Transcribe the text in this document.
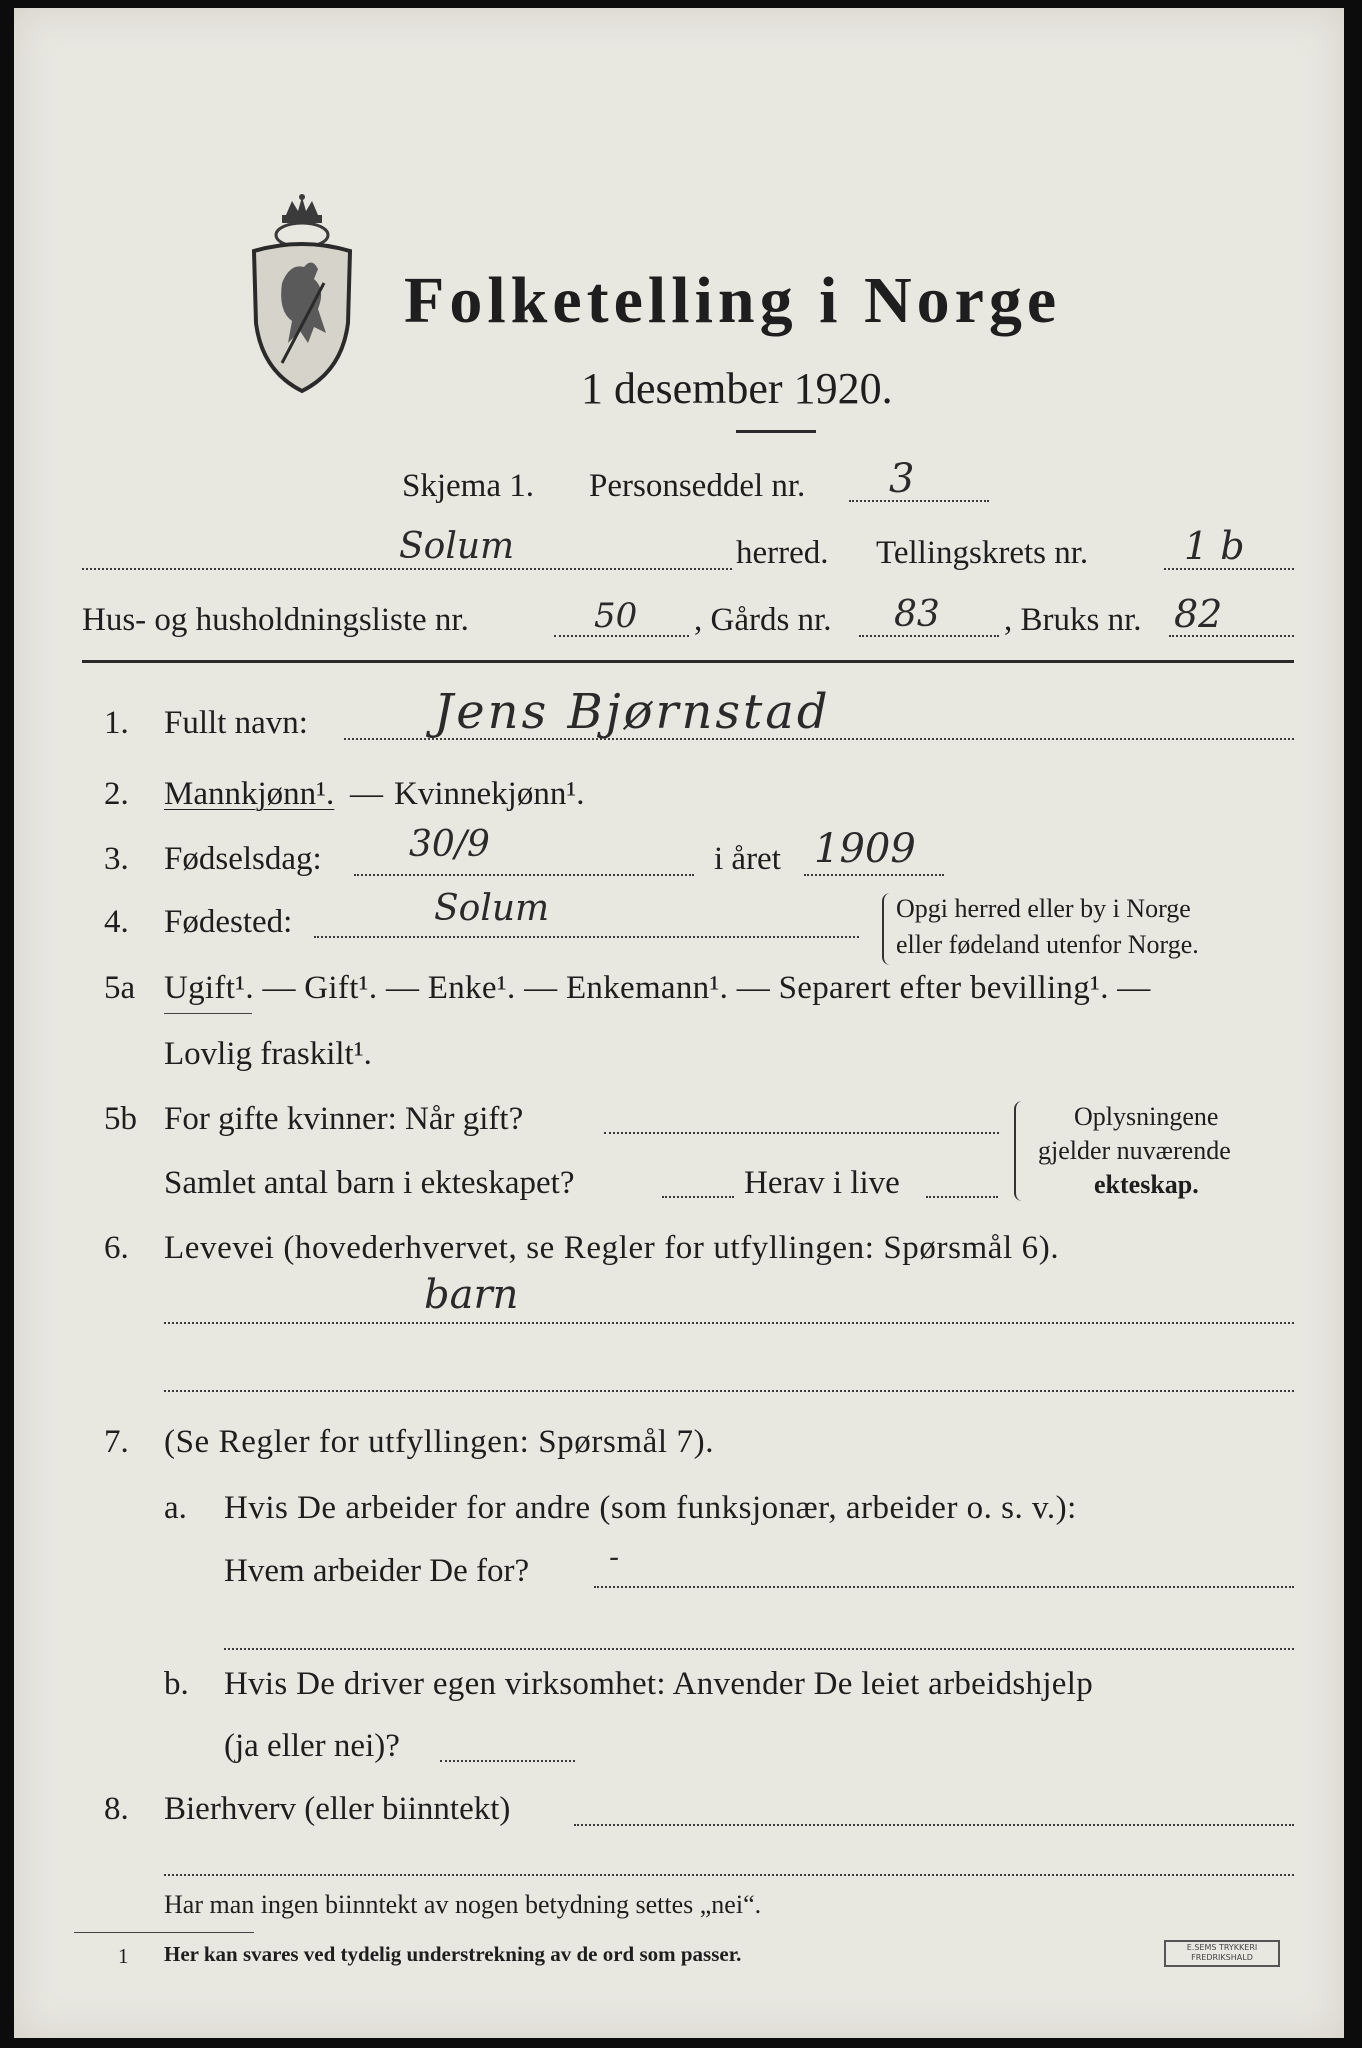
Folketelling i Norge
1 desember 1920.
Skjema 1. Personseddel nr. 3
Solum	herred. Tellingskrets nr.	1 b
Hus- og husholdningsliste nr.	50 , Gårds nr. 83 , Bruks nr. 82
1. Fullt navn:	Jens Bjørnstad
2. Mannkjønn¹. — Kvinnekjønn¹.
3. Fødselsdag: 30/9	i året 1909
4. Fødested:	Solum	Opgi herred eller by i Norge
eller fødeland utenfor Norge.
5a Ugift¹. — Gift¹. — Enke¹. — Enkemann¹. — Separert efter bevilling¹. —
Lovlig fraskilt¹.
5b For gifte kvinner: Når gift?
Samlet antal barn i ekteskapet?	Herav i live
Oplysningene
gjelder nuværende
ekteskap.
6. Levevei (hovederhvervet, se Regler for utfyllingen: Spørsmål 6).
barn
7. (Se Regler for utfyllingen: Spørsmål 7).
a. Hvis De arbeider for andre (som funksjonær, arbeider o. s. v.):
Hvem arbeider De for?	-
b. Hvis De driver egen virksomhet: Anvender De leiet arbeidshjelp
(ja eller nei)?
8. Bierhverv (eller biinntekt)
Har man ingen biinntekt av nogen betydning settes „nei“.
1 Her kan svares ved tydelig understrekning av de ord som passer.	E.SEMS TRYKKERI FREDRIKSHALD
